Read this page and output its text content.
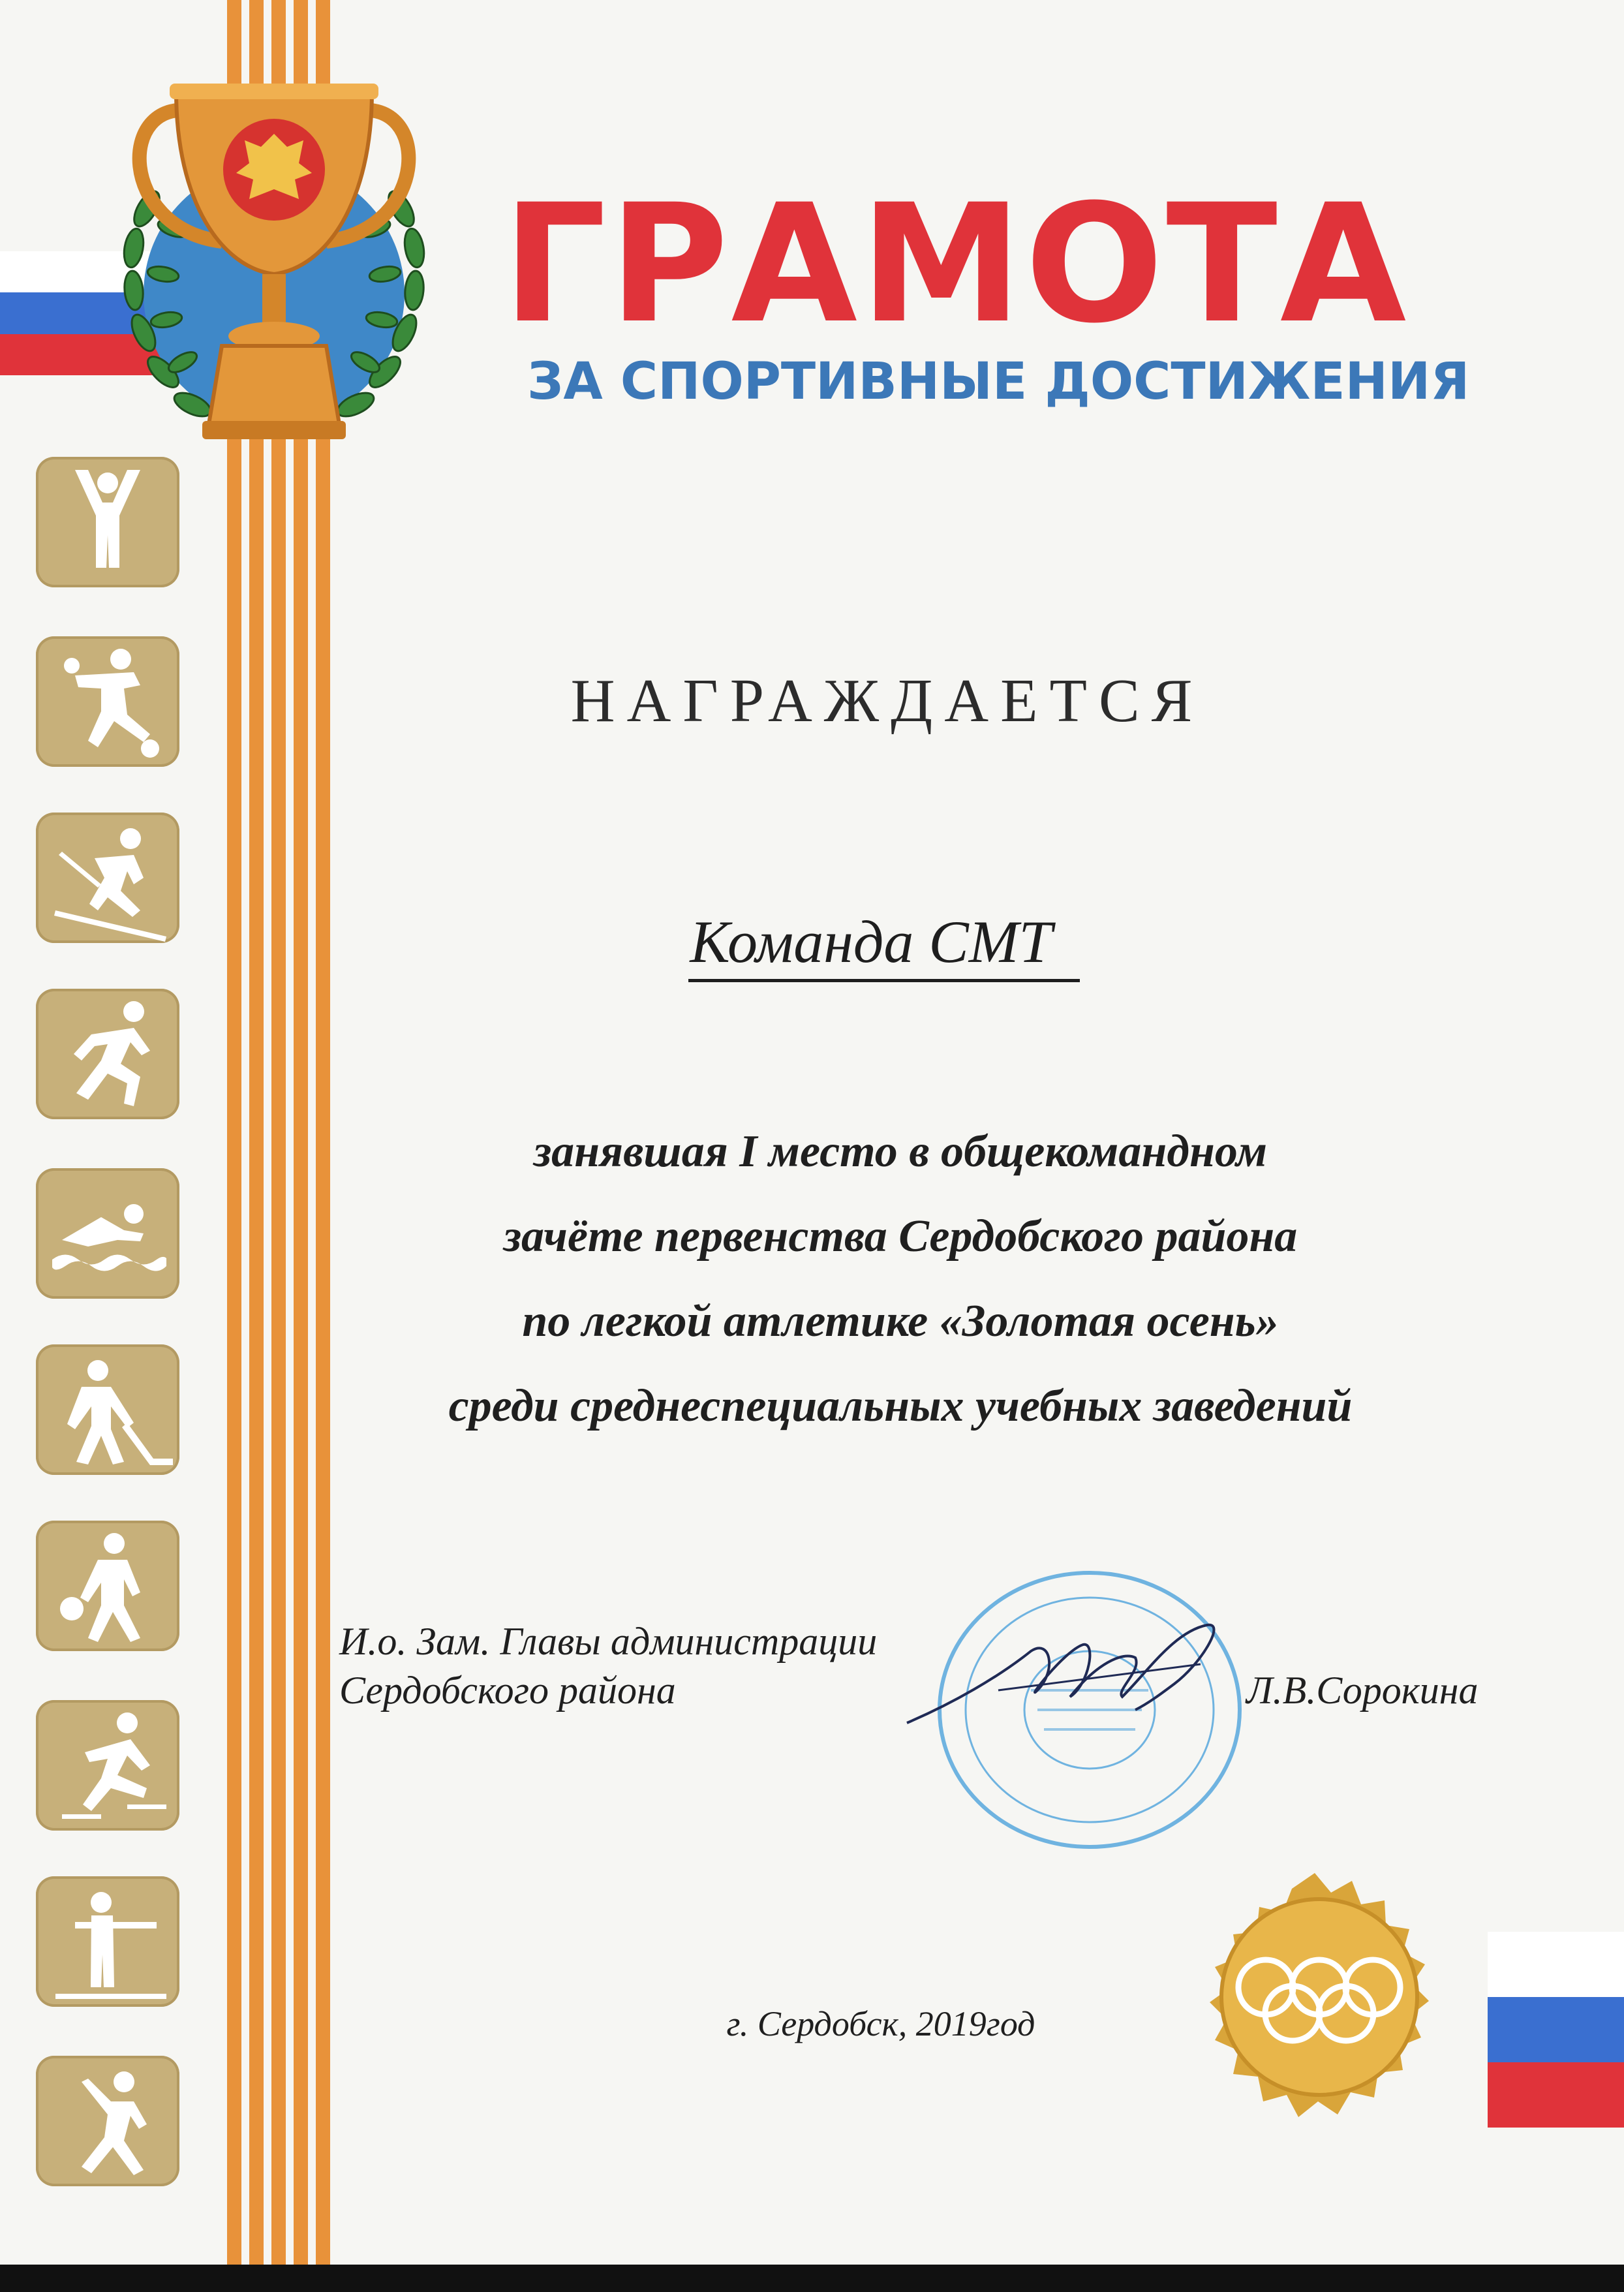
ГРАМОТА
ЗА СПОРТИВНЫЕ ДОСТИЖЕНИЯ
НАГРАЖДАЕТСЯ
Команда СМТ
занявшая I место в общекомандном
зачёте первенства Сердобского района
по легкой атлетике «Золотая осень»
среди среднеспециальных учебных заведений
И.о. Зам. Главы администрации
Сердобского района	Л.В.Сорокина
г. Сердобск, 2019год
